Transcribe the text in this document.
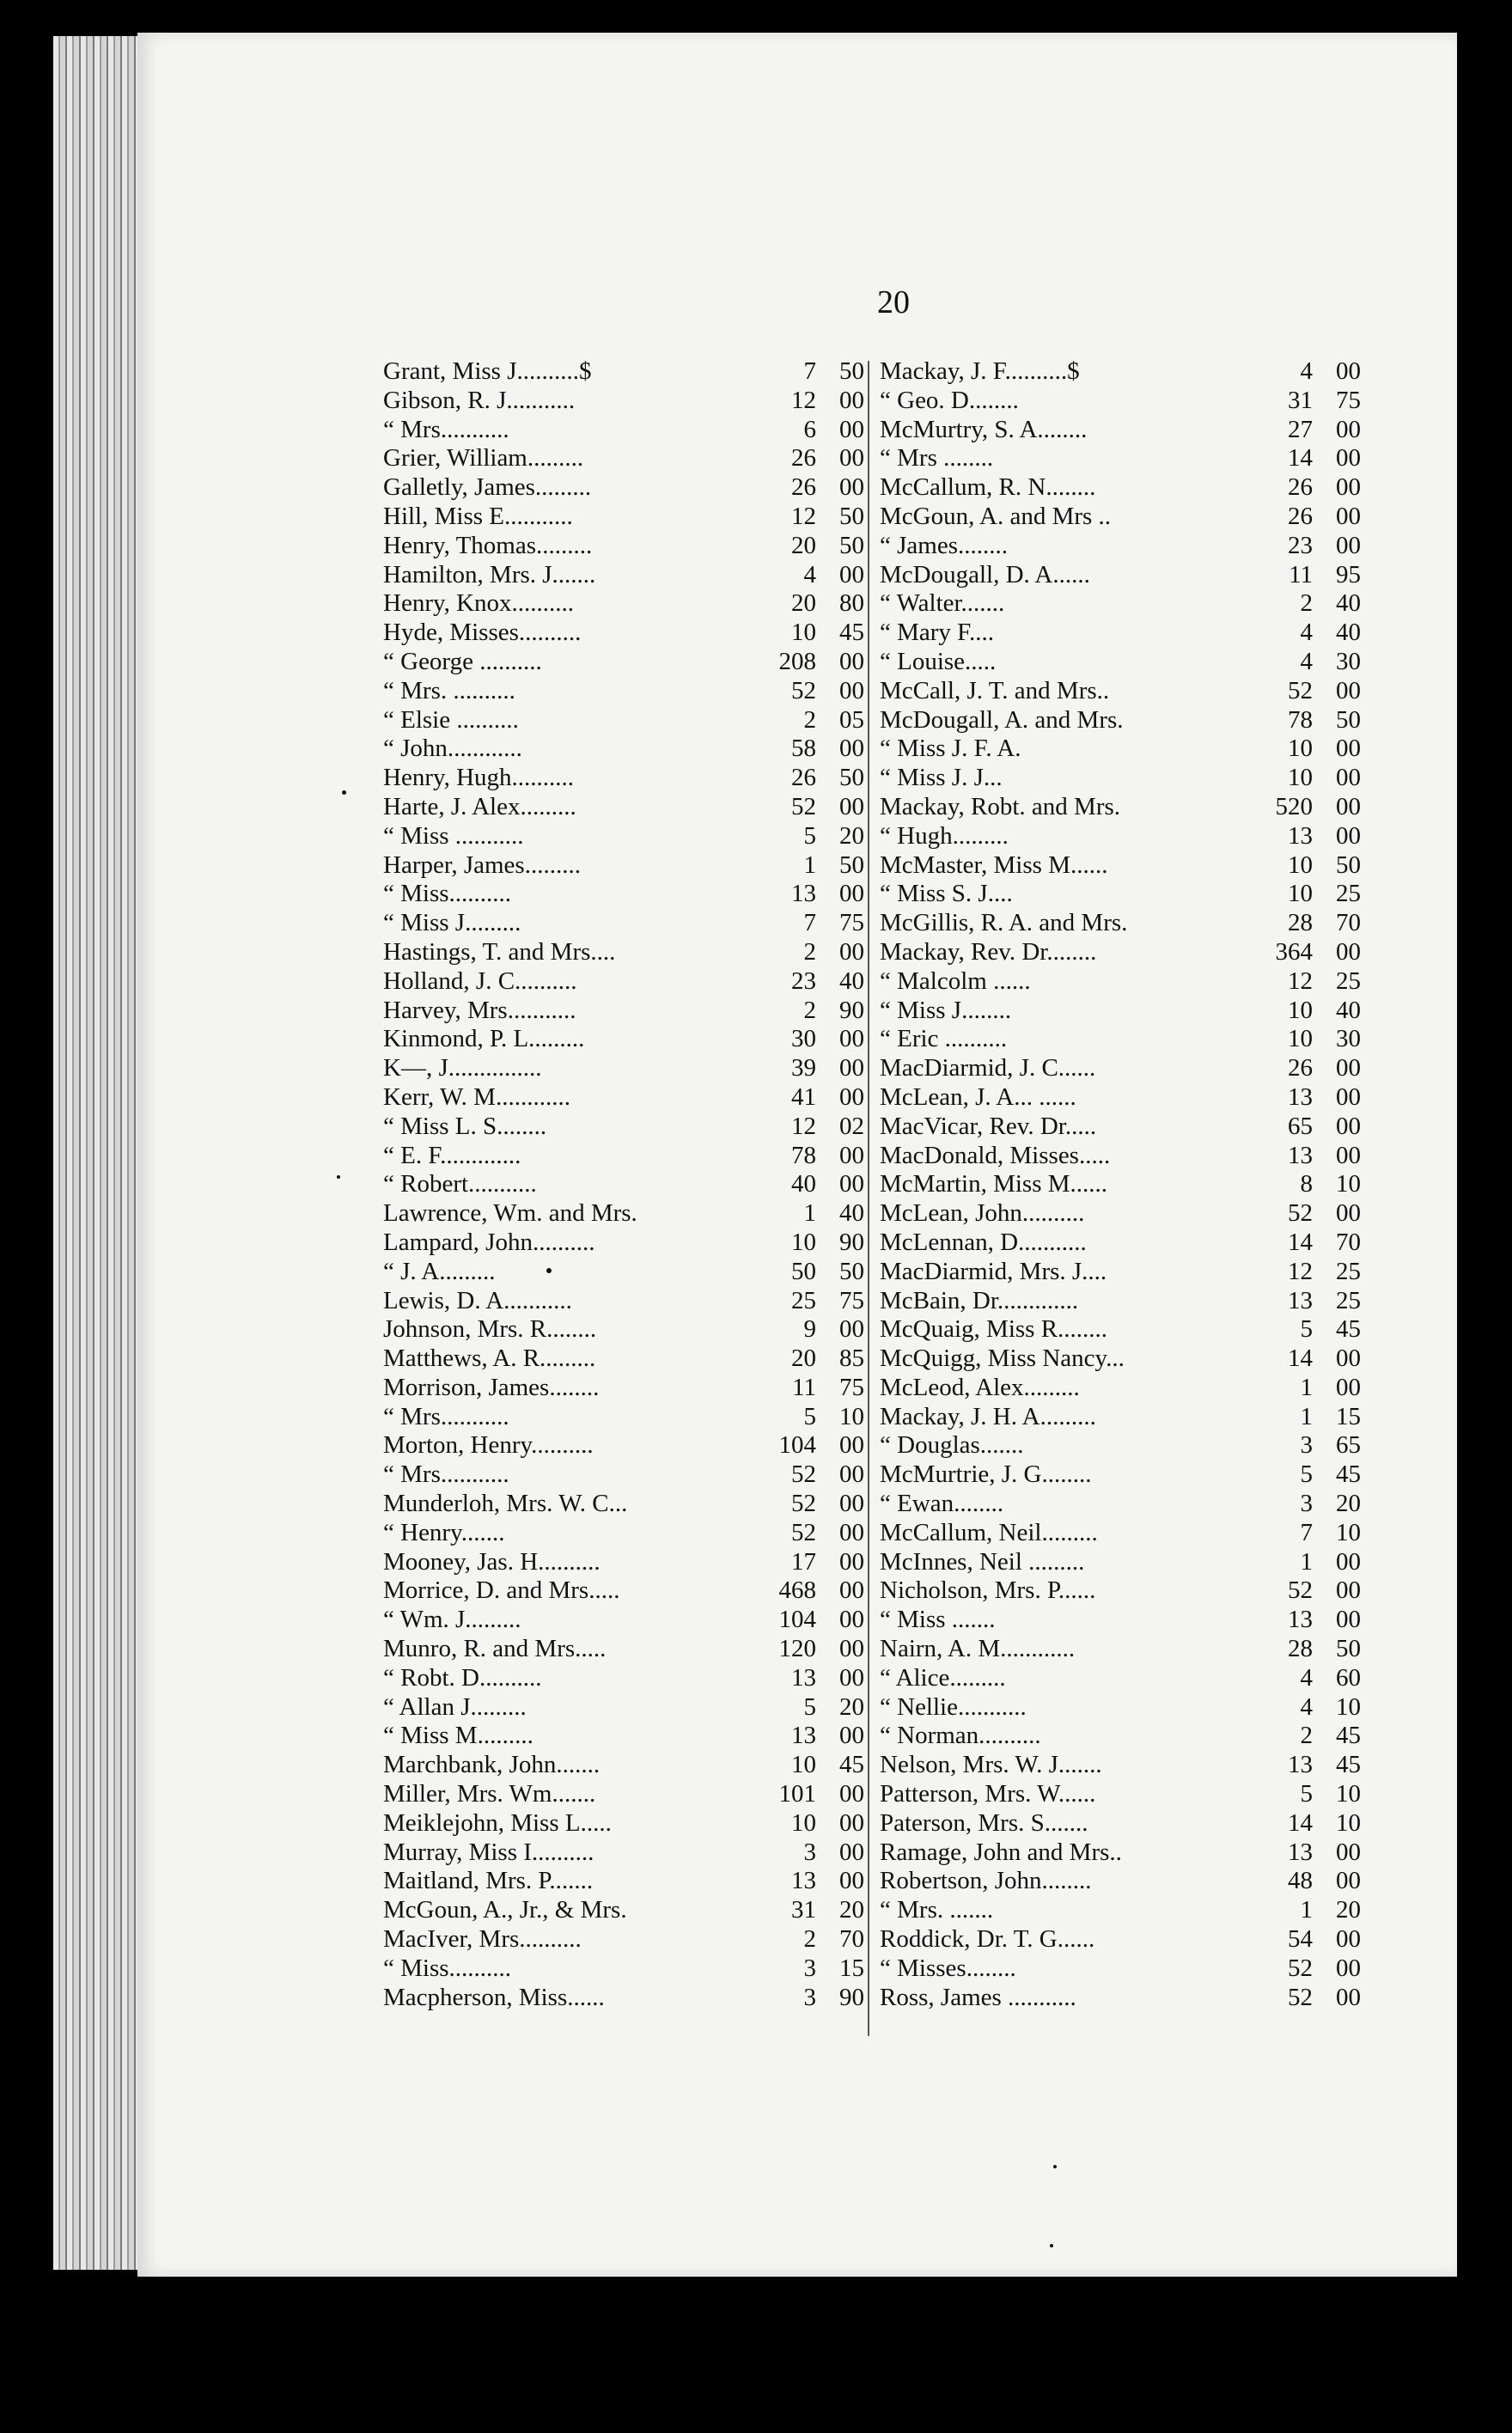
20
Grant, Miss J..........$	7 50
Gibson, R. J...........	12 00
“ Mrs...........	6 00
Grier, William.........	26 00
Galletly, James.........	26 00
Hill, Miss E...........	12 50
Henry, Thomas.........	20 50
Hamilton, Mrs. J.......	4 00
Henry, Knox..........	20 80
Hyde, Misses..........	10 45
“ George ..........	208 00
“ Mrs. ..........	52 00
“ Elsie ..........	2 05
“ John............	58 00
Henry, Hugh..........	26 50
Harte, J. Alex.........	52 00
“ Miss ...........	5 20
Harper, James.........	1 50
“ Miss..........	13 00
“ Miss J.........	7 75
Hastings, T. and Mrs....	2 00
Holland, J. C..........	23 40
Harvey, Mrs...........	2 90
Kinmond, P. L.........	30 00
K—, J...............	39 00
Kerr, W. M............	41 00
“ Miss L. S........	12 02
“ E. F.............	78 00
“ Robert...........	40 00
Lawrence, Wm. and Mrs.	1 40
Lampard, John..........	10 90
“ J. A.........	50 50
Lewis, D. A...........	25 75
Johnson, Mrs. R........	9 00
Matthews, A. R.........	20 85
Morrison, James........	11 75
“ Mrs...........	5 10
Morton, Henry..........	104 00
“ Mrs...........	52 00
Munderloh, Mrs. W. C...	52 00
“ Henry.......	52 00
Mooney, Jas. H..........	17 00
Morrice, D. and Mrs.....	468 00
“ Wm. J.........	104 00
Munro, R. and Mrs.....	120 00
“ Robt. D..........	13 00
“ Allan J.........	5 20
“ Miss M.........	13 00
Marchbank, John.......	10 45
Miller, Mrs. Wm.......	101 00
Meiklejohn, Miss L.....	10 00
Murray, Miss I..........	3 00
Maitland, Mrs. P.......	13 00
McGoun, A., Jr., & Mrs.	31 20
MacIver, Mrs..........	2 70
“ Miss..........	3 15
Macpherson, Miss......	3 90
Mackay, J. F..........$	4 00
“ Geo. D........	31 75
McMurtry, S. A........	27 00
“ Mrs ........	14 00
McCallum, R. N........	26 00
McGoun, A. and Mrs ..	26 00
“ James........	23 00
McDougall, D. A......	11 95
“ Walter.......	2 40
“ Mary F....	4 40
“ Louise.....	4 30
McCall, J. T. and Mrs..	52 00
McDougall, A. and Mrs.	78 50
“ Miss J. F. A.	10 00
“ Miss J. J...	10 00
Mackay, Robt. and Mrs.	520 00
“ Hugh.........	13 00
McMaster, Miss M......	10 50
“ Miss S. J....	10 25
McGillis, R. A. and Mrs.	28 70
Mackay, Rev. Dr........	364 00
“ Malcolm ......	12 25
“ Miss J........	10 40
“ Eric ..........	10 30
MacDiarmid, J. C......	26 00
McLean, J. A... ......	13 00
MacVicar, Rev. Dr.....	65 00
MacDonald, Misses.....	13 00
McMartin, Miss M......	8 10
McLean, John..........	52 00
McLennan, D...........	14 70
MacDiarmid, Mrs. J....	12 25
McBain, Dr.............	13 25
McQuaig, Miss R........	5 45
McQuigg, Miss Nancy...	14 00
McLeod, Alex.........	1 00
Mackay, J. H. A.........	1 15
“ Douglas.......	3 65
McMurtrie, J. G........	5 45
“ Ewan........	3 20
McCallum, Neil.........	7 10
McInnes, Neil .........	1 00
Nicholson, Mrs. P......	52 00
“ Miss .......	13 00
Nairn, A. M............	28 50
“ Alice.........	4 60
“ Nellie...........	4 10
“ Norman..........	2 45
Nelson, Mrs. W. J.......	13 45
Patterson, Mrs. W......	5 10
Paterson, Mrs. S.......	14 10
Ramage, John and Mrs..	13 00
Robertson, John........	48 00
“ Mrs. .......	1 20
Roddick, Dr. T. G......	54 00
“ Misses........	52 00
Ross, James ...........	52 00
